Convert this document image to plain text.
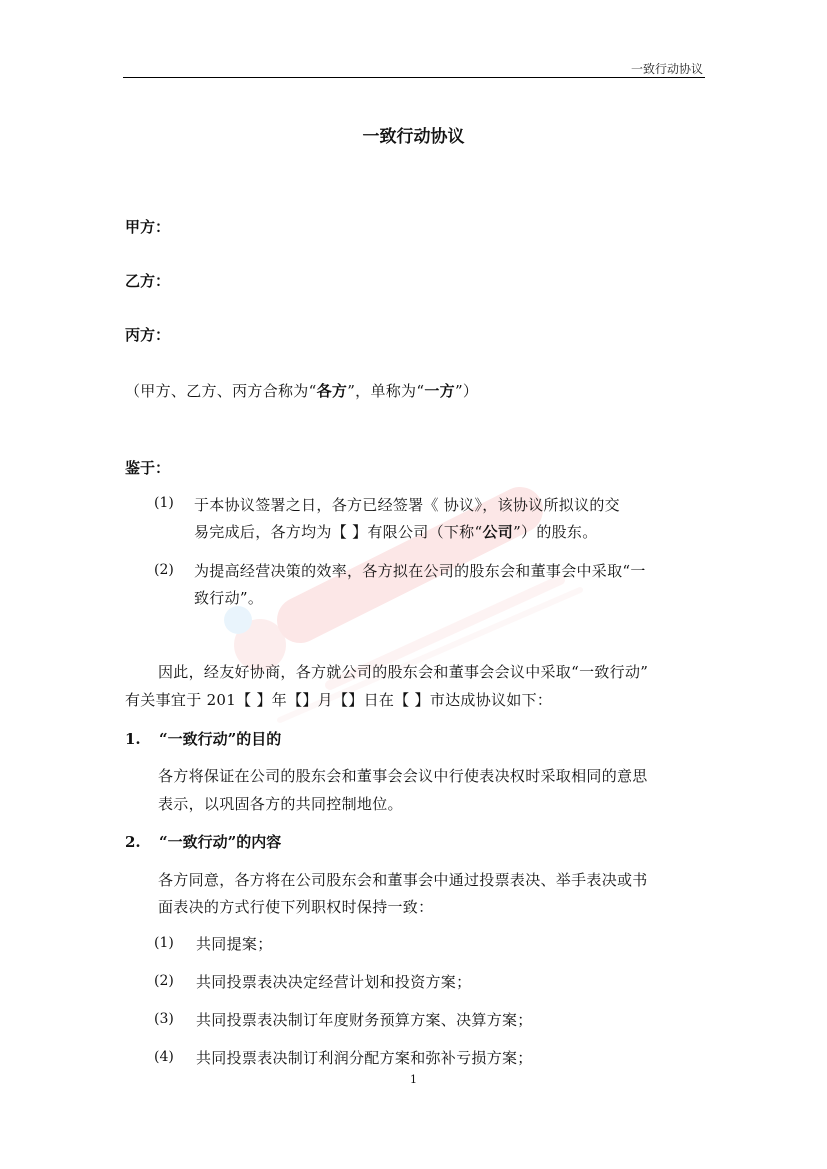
一致行动协议
一致行动协议
甲方：
乙方：
丙方：
（甲方、乙方、丙方合称为“各方”，单称为“一方”）
鉴于：
(1) 于本协议签署之日，各方已经签署《 协议》，该协议所拟议的交
易完成后，各方均为【 】有限公司（下称“公司”）的股东。
(2) 为提高经营决策的效率，各方拟在公司的股东会和董事会中采取“一
致行动”。
因此，经友好协商，各方就公司的股东会和董事会会议中采取“一致行动”
有关事宜于 201【 】年【】月【】日在【 】市达成协议如下：
1. “一致行动”的目的
各方将保证在公司的股东会和董事会会议中行使表决权时采取相同的意思
表示，以巩固各方的共同控制地位。
2. “一致行动”的内容
各方同意，各方将在公司股东会和董事会中通过投票表决、举手表决或书
面表决的方式行使下列职权时保持一致：
(1) 共同提案；
(2) 共同投票表决决定经营计划和投资方案；
(3) 共同投票表决制订年度财务预算方案、决算方案；
(4) 共同投票表决制订利润分配方案和弥补亏损方案；
1
